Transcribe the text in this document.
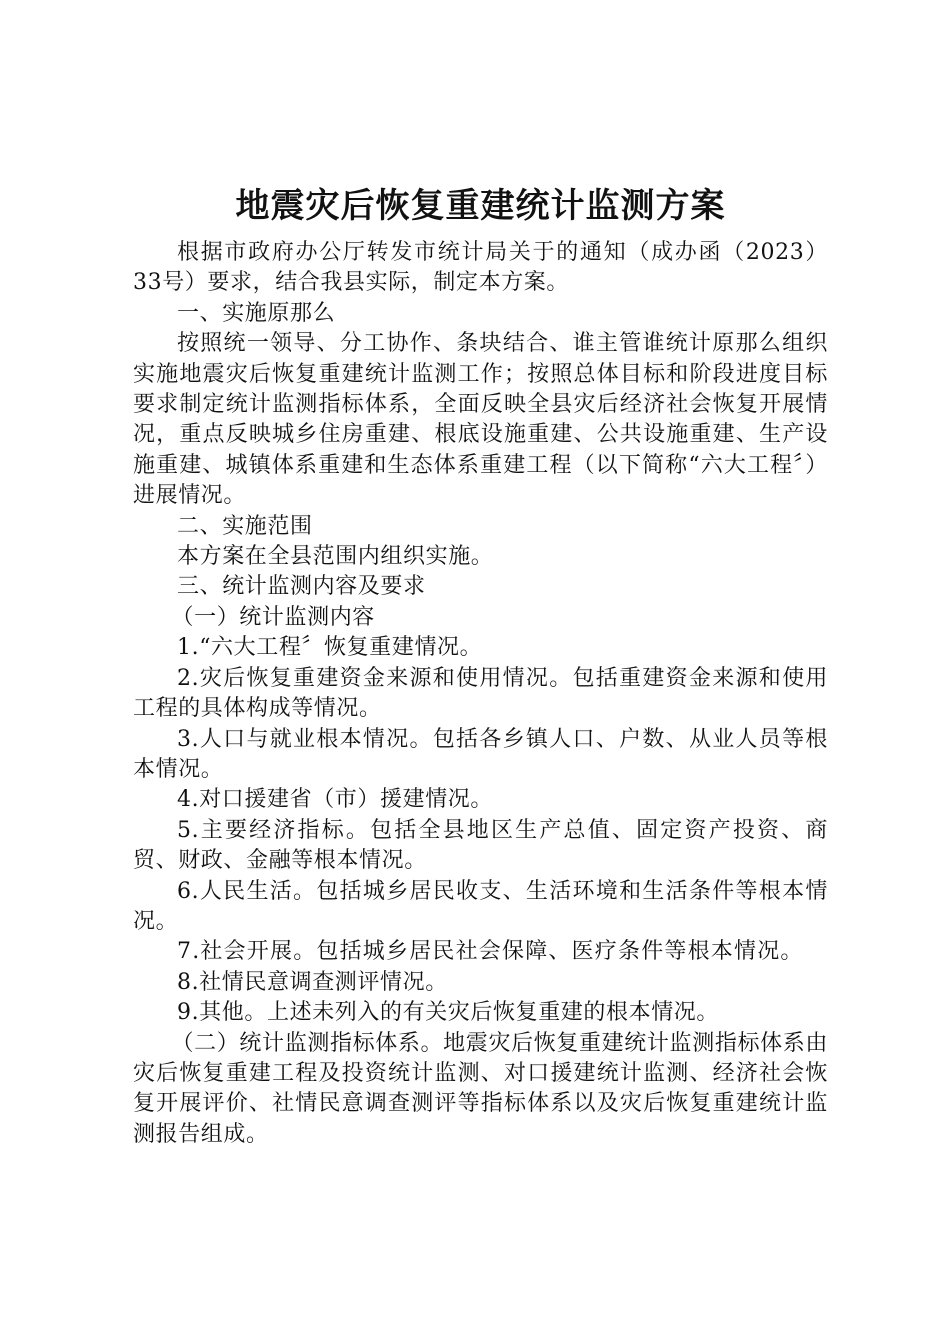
地震灾后恢复重建统计监测方案

根据市政府办公厅转发市统计局关于的通知（成办函（2023）33号）要求，结合我县实际，制定本方案。

一、实施原那么

按照统一领导、分工协作、条块结合、谁主管谁统计原那么组织实施地震灾后恢复重建统计监测工作；按照总体目标和阶段进度目标要求制定统计监测指标体系，全面反映全县灾后经济社会恢复开展情况，重点反映城乡住房重建、根底设施重建、公共设施重建、生产设施重建、城镇体系重建和生态体系重建工程（以下简称“六大工程〞）进展情况。

二、实施范围

本方案在全县范围内组织实施。

三、统计监测内容及要求

（一）统计监测内容

1.“六大工程〞恢复重建情况。

2.灾后恢复重建资金来源和使用情况。包括重建资金来源和使用工程的具体构成等情况。

3.人口与就业根本情况。包括各乡镇人口、户数、从业人员等根本情况。

4.对口援建省（市）援建情况。

5.主要经济指标。包括全县地区生产总值、固定资产投资、商贸、财政、金融等根本情况。

6.人民生活。包括城乡居民收支、生活环境和生活条件等根本情况。

7.社会开展。包括城乡居民社会保障、医疗条件等根本情况。

8.社情民意调查测评情况。

9.其他。上述未列入的有关灾后恢复重建的根本情况。

（二）统计监测指标体系。地震灾后恢复重建统计监测指标体系由灾后恢复重建工程及投资统计监测、对口援建统计监测、经济社会恢复开展评价、社情民意调查测评等指标体系以及灾后恢复重建统计监测报告组成。
